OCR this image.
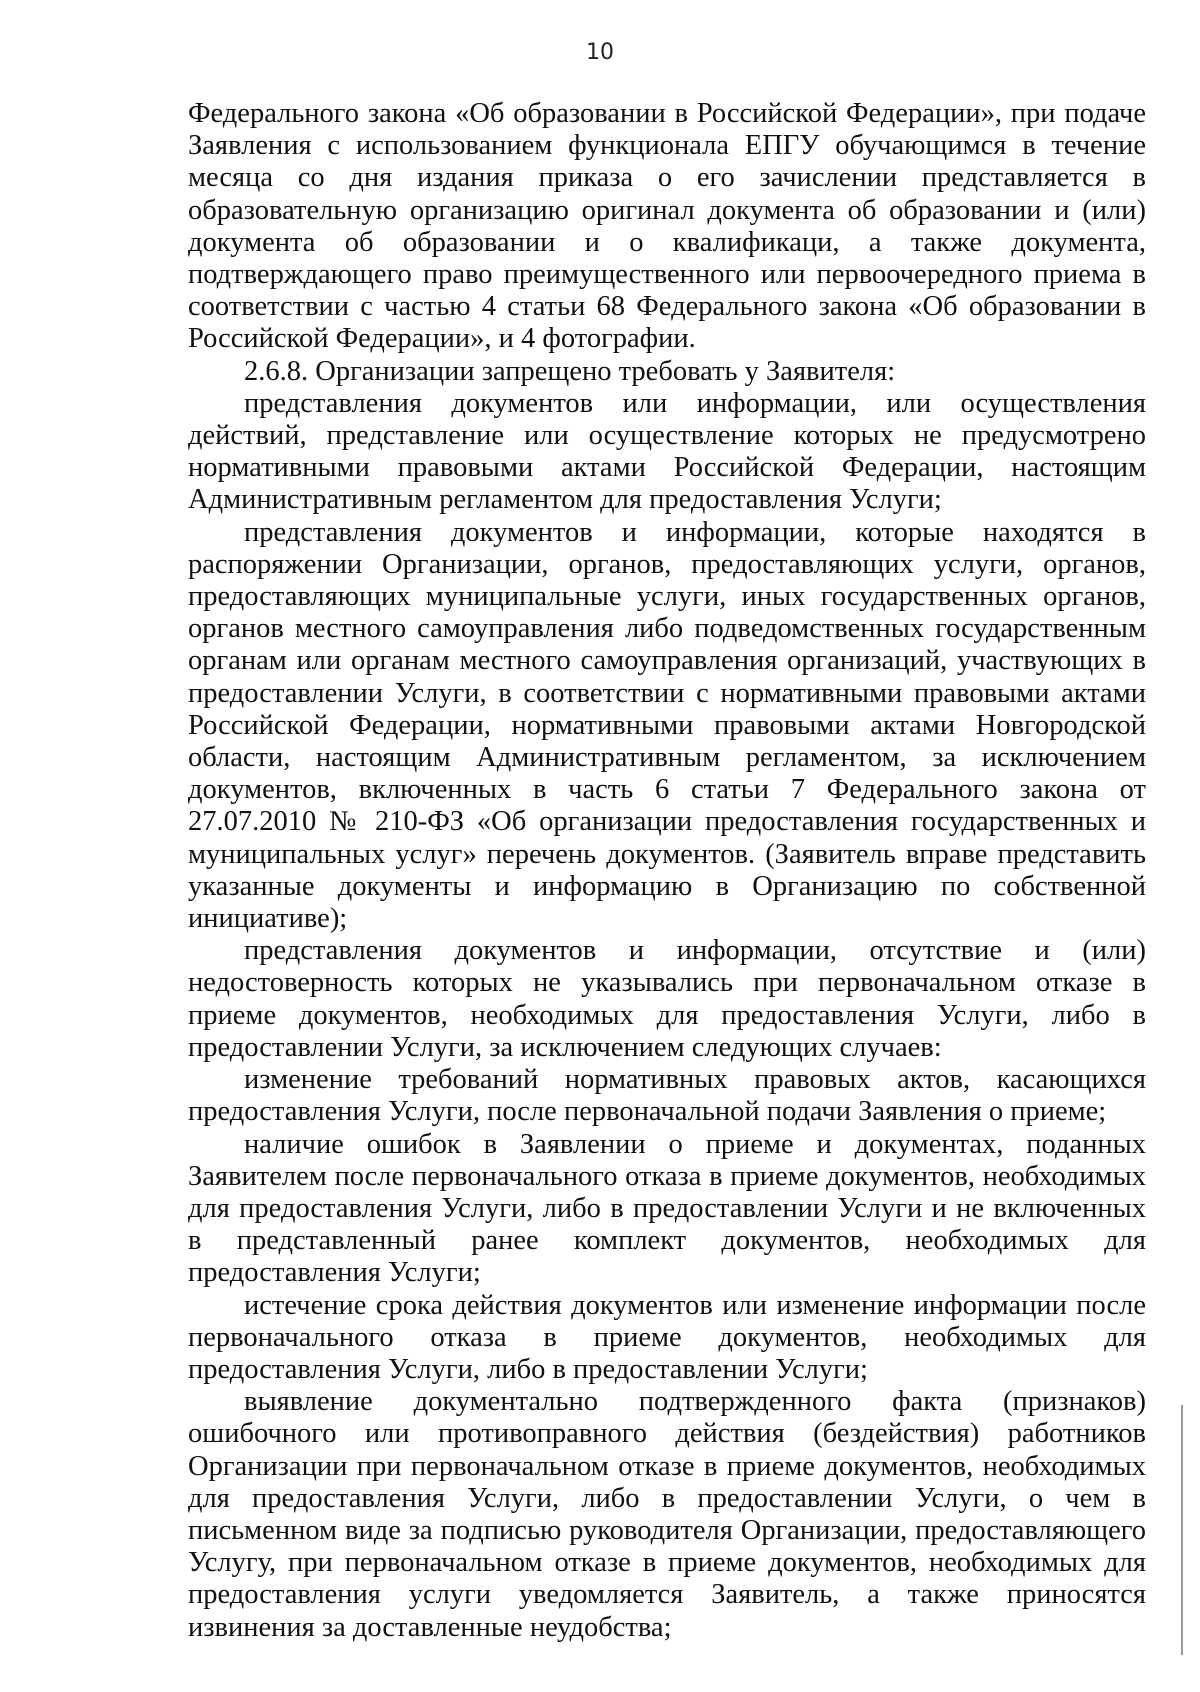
10

Федерального закона «Об образовании в Российской Федерации», при подаче Заявления с использованием функционала ЕПГУ обучающимся в течение месяца со дня издания приказа о его зачислении представляется в образовательную организацию оригинал документа об образовании и (или) документа об образовании и о квалификаци, а также документа, подтверждающего право преимущественного или первоочередного приема в соответствии с частью 4 статьи 68 Федерального закона «Об образовании в Российской Федерации», и 4 фотографии.

2.6.8. Организации запрещено требовать у Заявителя:

представления документов или информации, или осуществления действий, представление или осуществление которых не предусмотрено нормативными правовыми актами Российской Федерации, настоящим Административным регламентом для предоставления Услуги;

представления документов и информации, которые находятся в распоряжении Организации, органов, предоставляющих услуги, органов, предоставляющих муниципальные услуги, иных государственных органов, органов местного самоуправления либо подведомственных государственным органам или органам местного самоуправления организаций, участвующих в предоставлении Услуги, в соответствии с нормативными правовыми актами Российской Федерации, нормативными правовыми актами Новгородской области, настоящим Административным регламентом, за исключением документов, включенных в часть 6 статьи 7 Федерального закона от 27.07.2010 № 210-ФЗ «Об организации предоставления государственных и муниципальных услуг» перечень документов. (Заявитель вправе представить указанные документы и информацию в Организацию по собственной инициативе);

представления документов и информации, отсутствие и (или) недостоверность которых не указывались при первоначальном отказе в приеме документов, необходимых для предоставления Услуги, либо в предоставлении Услуги, за исключением следующих случаев:

изменение требований нормативных правовых актов, касающихся предоставления Услуги, после первоначальной подачи Заявления о приеме;

наличие ошибок в Заявлении о приеме и документах, поданных Заявителем после первоначального отказа в приеме документов, необходимых для предоставления Услуги, либо в предоставлении Услуги и не включенных в представленный ранее комплект документов, необходимых для предоставления Услуги;

истечение срока действия документов или изменение информации после первоначального отказа в приеме документов, необходимых для предоставления Услуги, либо в предоставлении Услуги;

выявление документально подтвержденного факта (признаков) ошибочного или противоправного действия (бездействия) работников Организации при первоначальном отказе в приеме документов, необходимых для предоставления Услуги, либо в предоставлении Услуги, о чем в письменном виде за подписью руководителя Организации, предоставляющего Услугу, при первоначальном отказе в приеме документов, необходимых для предоставления услуги уведомляется Заявитель, а также приносятся извинения за доставленные неудобства;
